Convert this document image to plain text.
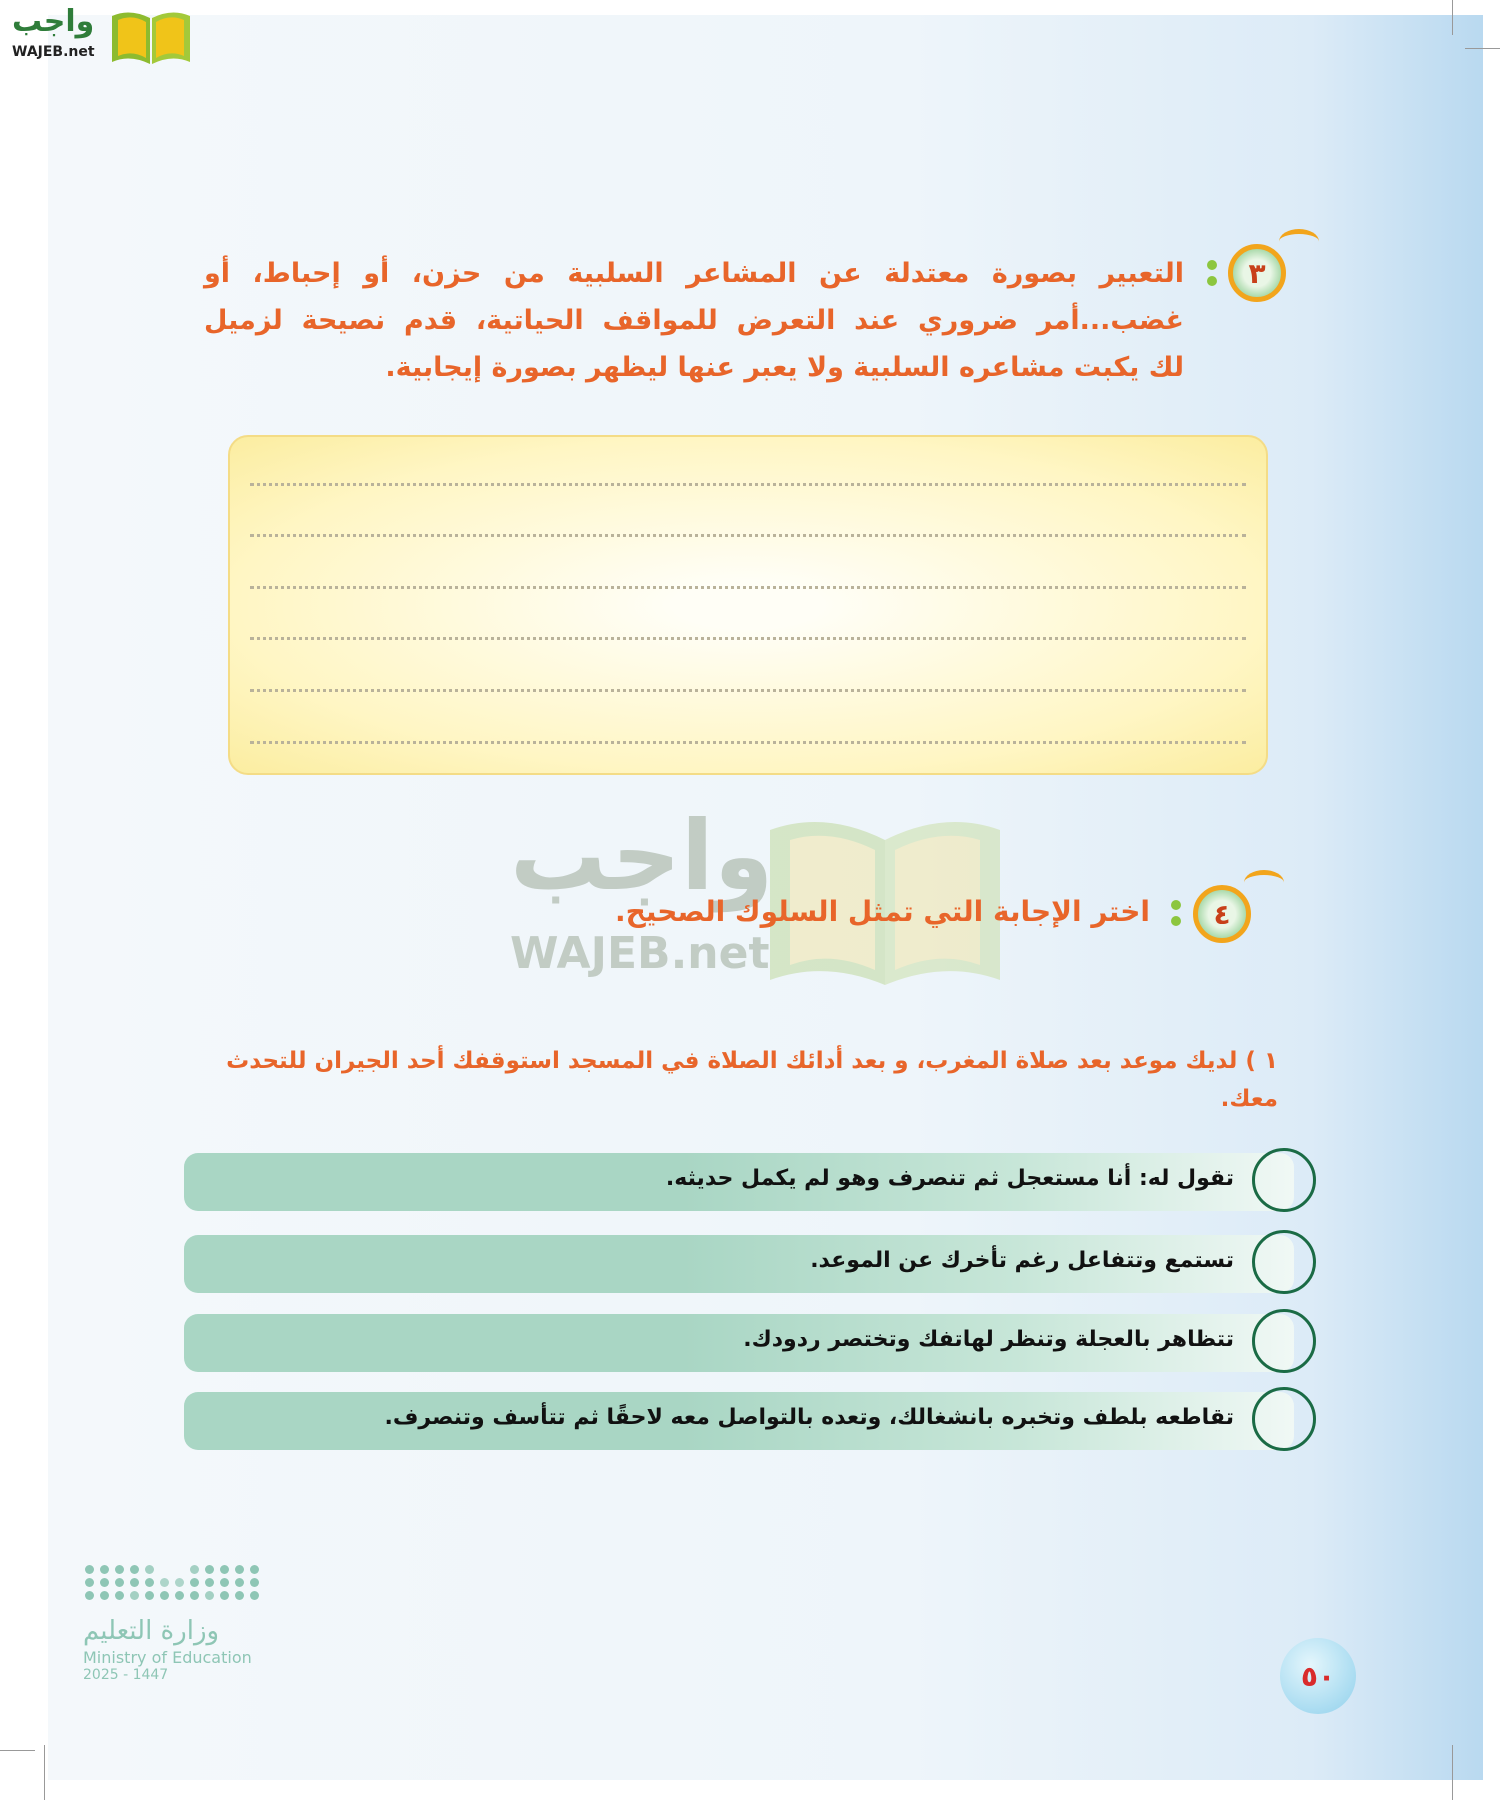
واجب
WAJEB.net
٣
التعبير بصورة معتدلة عن المشاعر السلبية من حزن، أو إحباط، أو
غضب...أمر ضروري عند التعرض للمواقف الحياتية، قدم نصيحة لزميل
لك يكبت مشاعره السلبية ولا يعبر عنها ليظهر بصورة إيجابية.
واجب
WAJEB.net
٤
اختر الإجابة التي تمثل السلوك الصحيح.
١ ) لديك موعد بعد صلاة المغرب، و بعد أدائك الصلاة في المسجد استوقفك أحد الجيران للتحدث معك.
تقول له: أنا مستعجل ثم تنصرف وهو لم يكمل حديثه.
تستمع وتتفاعل رغم تأخرك عن الموعد.
تتظاهر بالعجلة وتنظر لهاتفك وتختصر ردودك.
تقاطعه بلطف وتخبره بانشغالك، وتعده بالتواصل معه لاحقًا ثم تتأسف وتنصرف.
وزارة التعليم
Ministry of Education
2025 - 1447	٥٠
